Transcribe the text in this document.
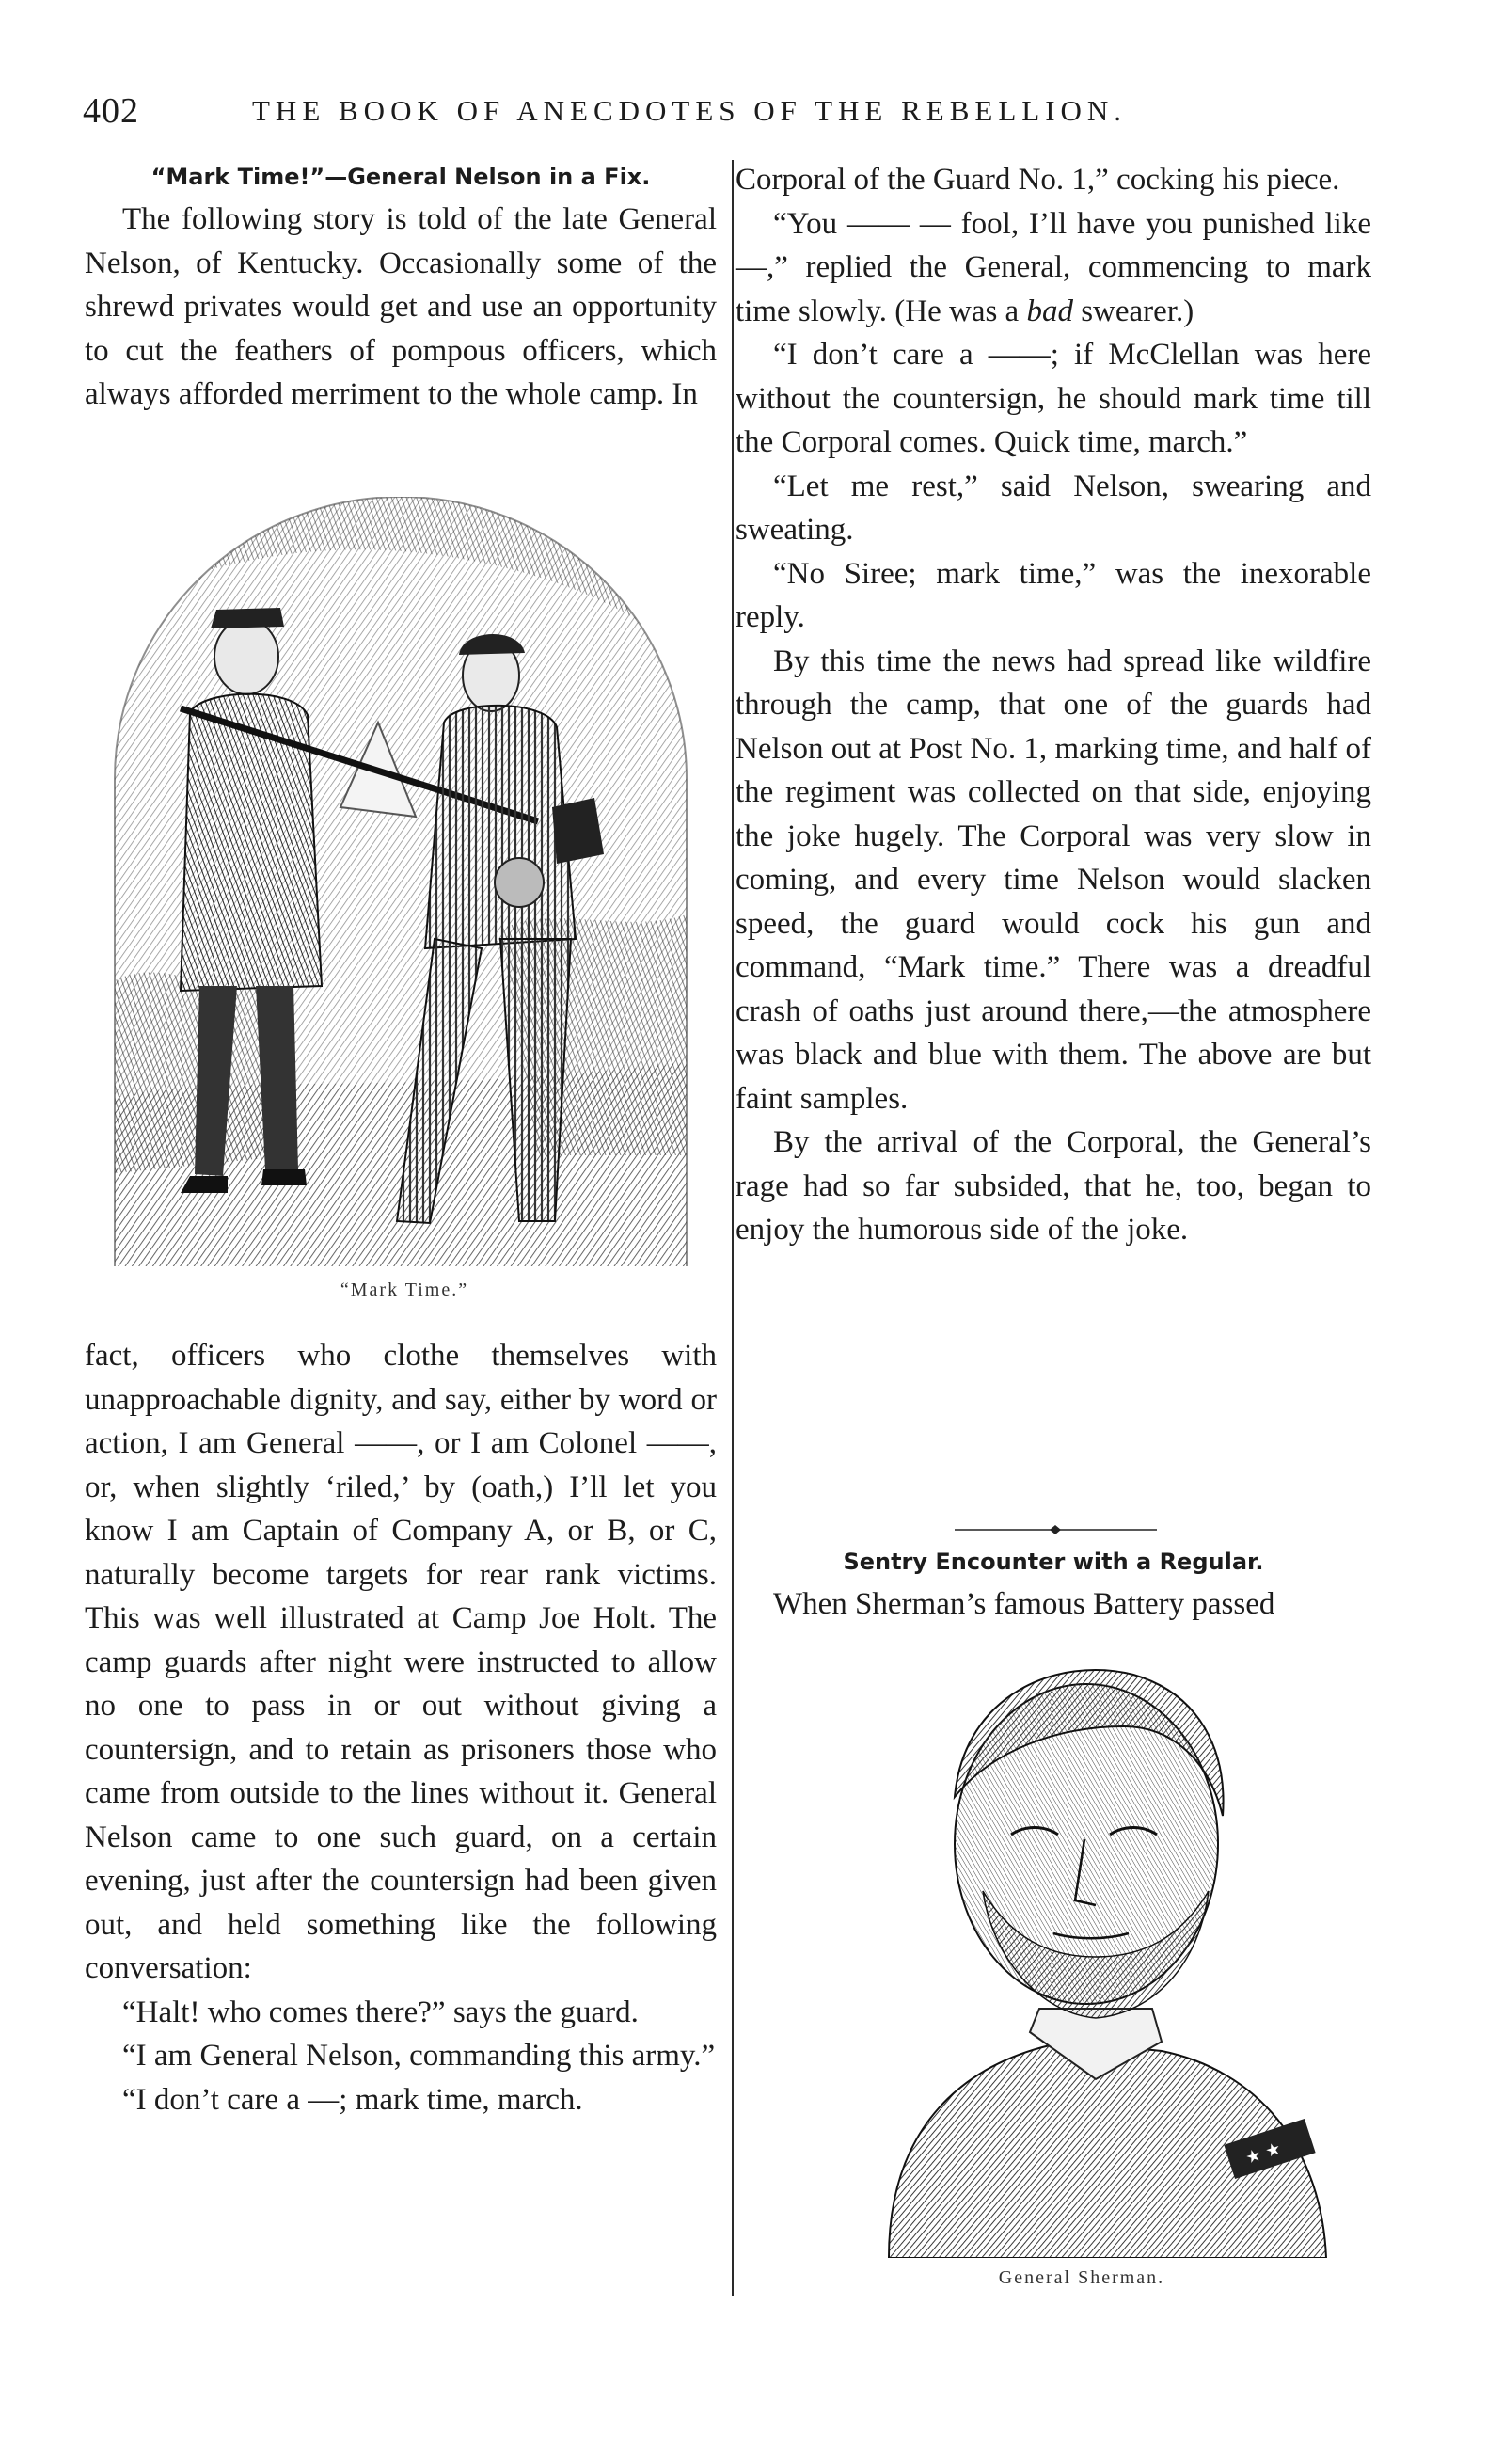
402	THE BOOK OF ANECDOTES OF THE REBELLION.

“Mark Time!”—General Nelson in a Fix.

The following story is told of the late General Nelson, of Kentucky. Occasionally some of the shrewd privates would get and use an opportunity to cut the feathers of pompous officers, which always afforded merriment to the whole camp. In

“Mark Time.”

fact, officers who clothe themselves with unapproachable dignity, and say, either by word or action, I am General ——, or I am Colonel ——, or, when slightly ‘riled,’ by (oath,) I’ll let you know I am Captain of Company A, or B, or C, naturally become targets for rear rank victims. This was well illustrated at Camp Joe Holt. The camp guards after night were instructed to allow no one to pass in or out without giving a countersign, and to retain as prisoners those who came from outside to the lines without it. General Nelson came to one such guard, on a certain evening, just after the countersign had been given out, and held something like the following conversation:

“Halt! who comes there?” says the guard.

“I am General Nelson, commanding this army.”

“I don’t care a —; mark time, march.

Corporal of the Guard No. 1,” cocking his piece.

“You —— — fool, I’ll have you punished like —,” replied the General, commencing to mark time slowly. (He was a bad swearer.)

“I don’t care a ——; if McClellan was here without the countersign, he should mark time till the Corporal comes. Quick time, march.”

“Let me rest,” said Nelson, swearing and sweating.

“No Siree; mark time,” was the inexorable reply.

By this time the news had spread like wildfire through the camp, that one of the guards had Nelson out at Post No. 1, marking time, and half of the regiment was collected on that side, enjoying the joke hugely. The Corporal was very slow in coming, and every time Nelson would slacken speed, the guard would cock his gun and command, “Mark time.” There was a dreadful crash of oaths just around there,—the atmosphere was black and blue with them. The above are but faint samples.

By the arrival of the Corporal, the General’s rage had so far subsided, that he, too, began to enjoy the humorous side of the joke.

Sentry Encounter with a Regular.

When Sherman’s famous Battery passed

★ ★
General Sherman.
